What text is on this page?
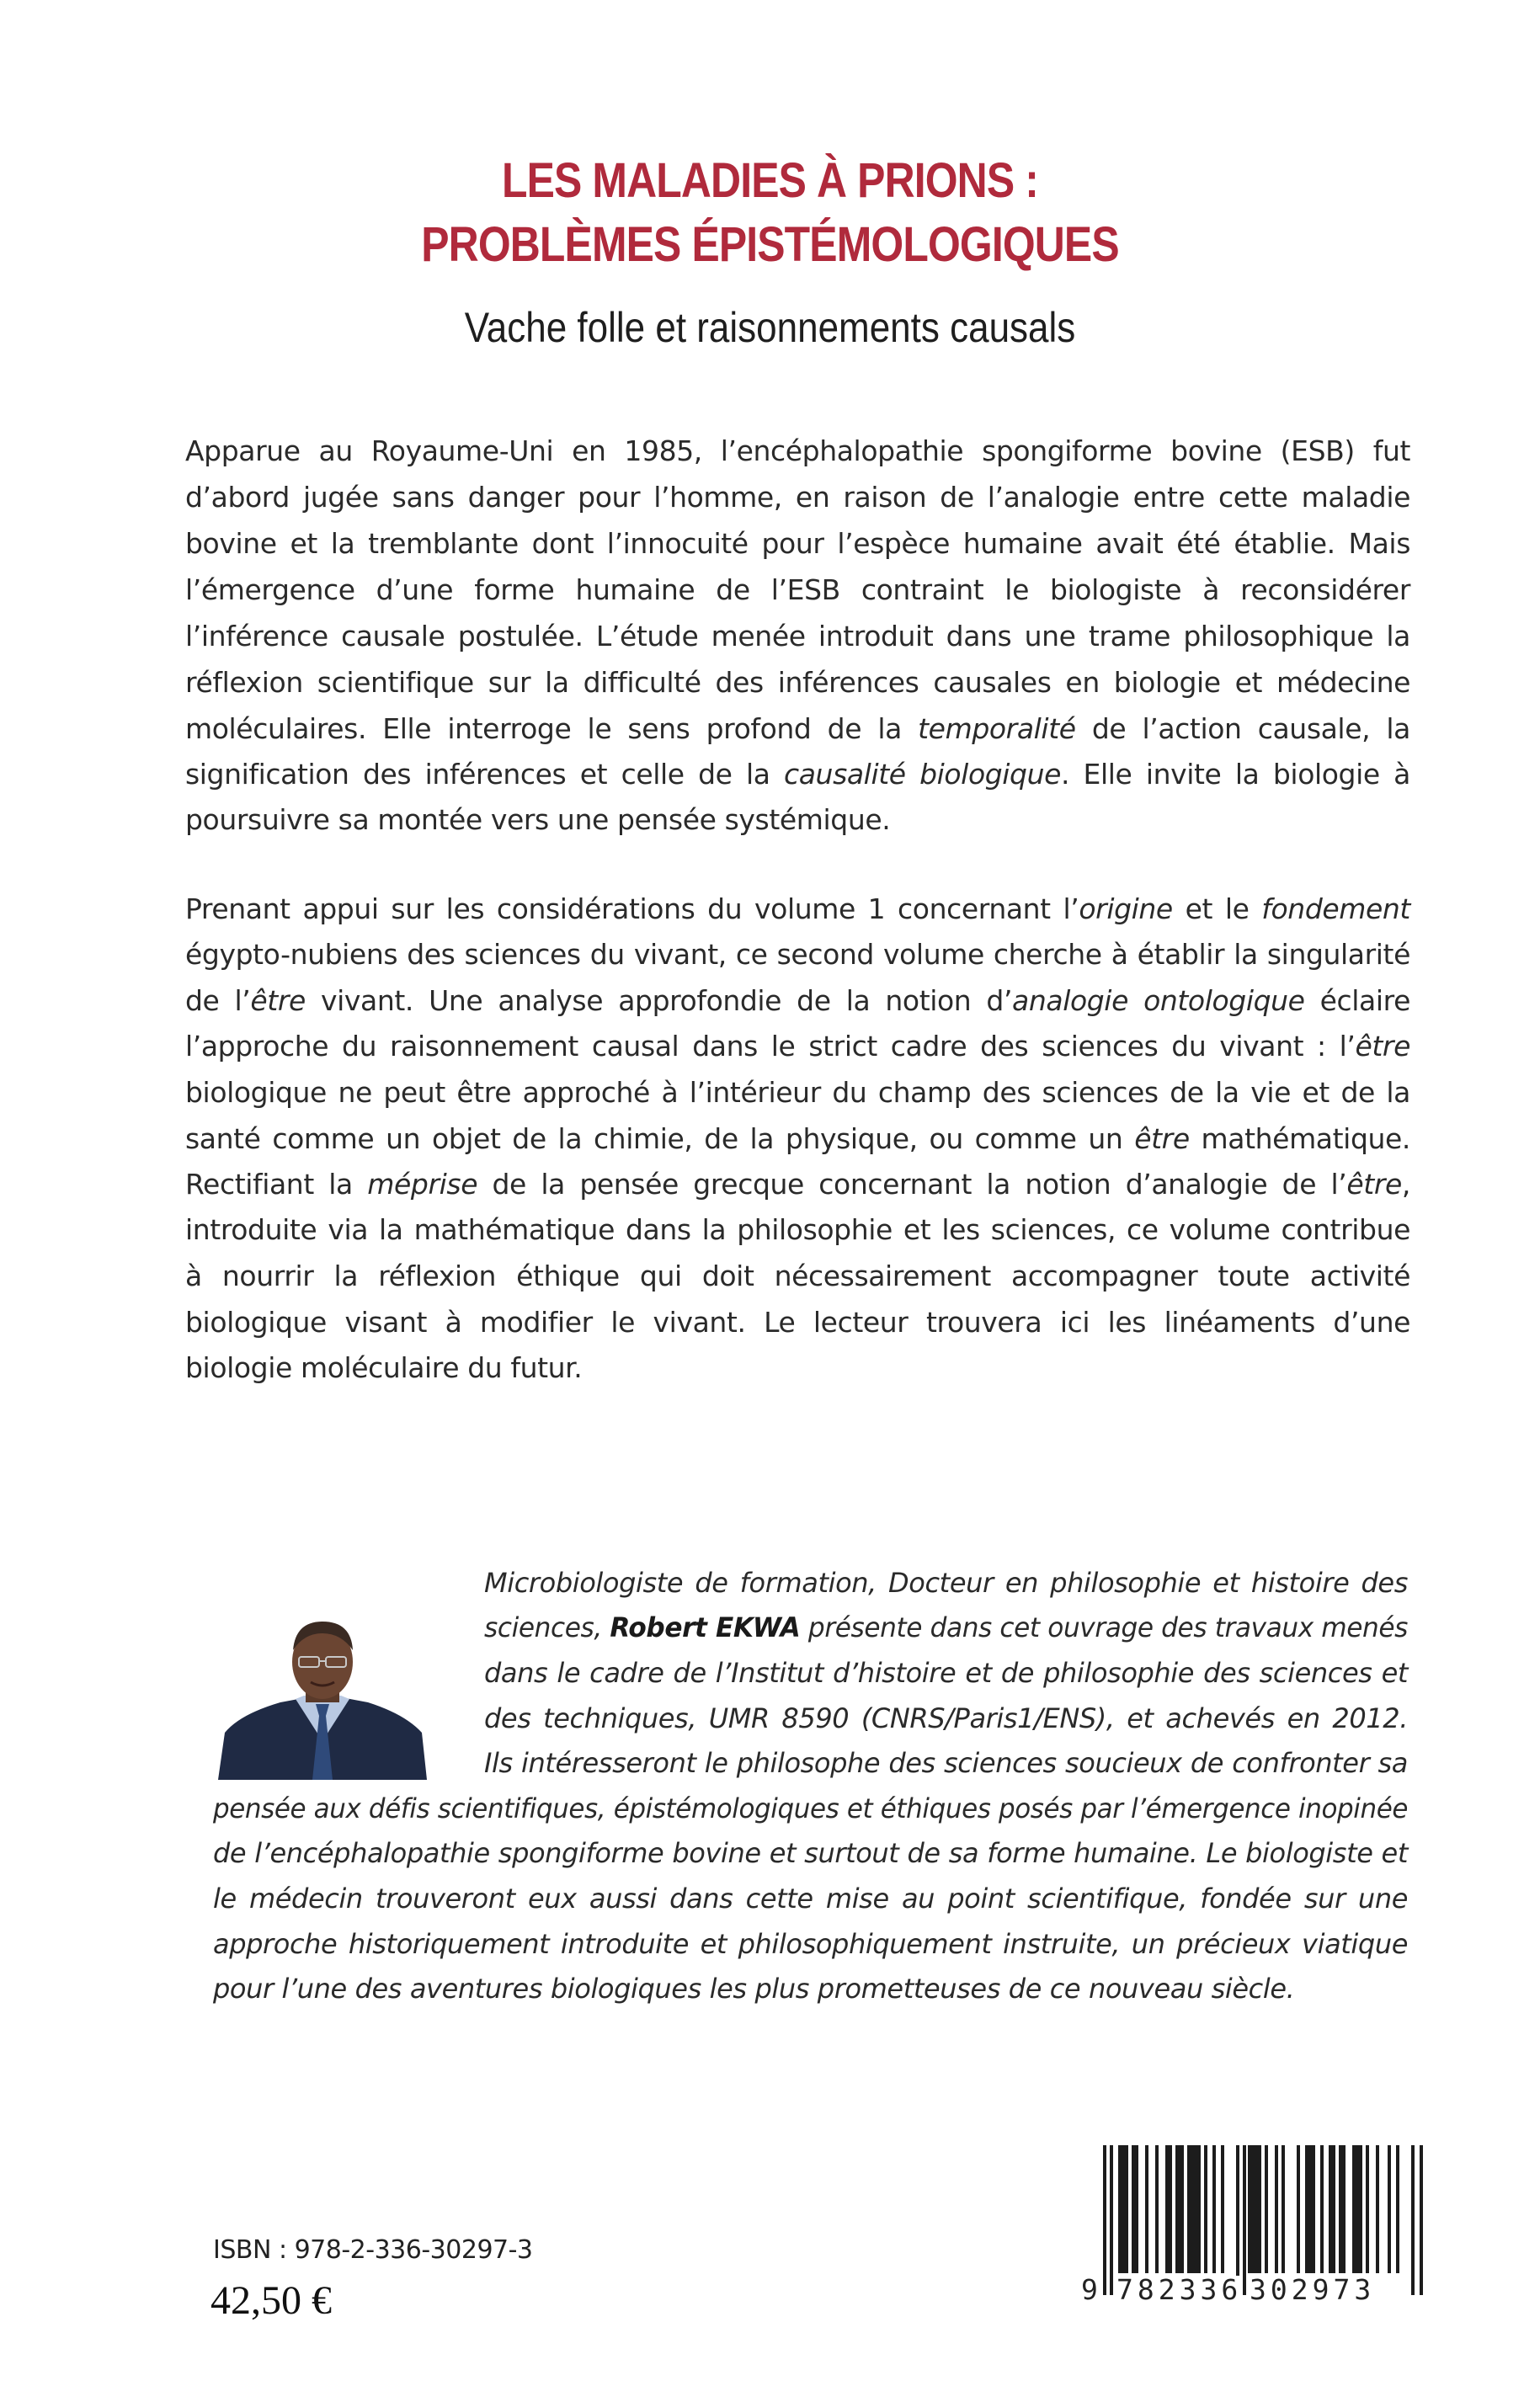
LES MALADIES À PRIONS :
PROBLÈMES ÉPISTÉMOLOGIQUES
Vache folle et raisonnements causals
Apparue au Royaume-Uni en 1985, l’encéphalopathie spongiforme bovine (ESB) fut
d’abord jugée sans danger pour l’homme, en raison de l’analogie entre cette maladie
bovine et la tremblante dont l’innocuité pour l’espèce humaine avait été établie. Mais
l’émergence d’une forme humaine de l’ESB contraint le biologiste à reconsidérer
l’inférence causale postulée. L’étude menée introduit dans une trame philosophique la
réflexion scientifique sur la difficulté des inférences causales en biologie et médecine
moléculaires. Elle interroge le sens profond de la temporalité de l’action causale, la
signification des inférences et celle de la causalité biologique. Elle invite la biologie à
poursuivre sa montée vers une pensée systémique.
Prenant appui sur les considérations du volume 1 concernant l’origine et le fondement
égypto-nubiens des sciences du vivant, ce second volume cherche à établir la singularité
de l’être vivant. Une analyse approfondie de la notion d’analogie ontologique éclaire
l’approche du raisonnement causal dans le strict cadre des sciences du vivant : l’être
biologique ne peut être approché à l’intérieur du champ des sciences de la vie et de la
santé comme un objet de la chimie, de la physique, ou comme un être mathématique.
Rectifiant la méprise de la pensée grecque concernant la notion d’analogie de l’être,
introduite via la mathématique dans la philosophie et les sciences, ce volume contribue
à nourrir la réflexion éthique qui doit nécessairement accompagner toute activité
biologique visant à modifier le vivant. Le lecteur trouvera ici les linéaments d’une
biologie moléculaire du futur.
Microbiologiste de formation, Docteur en philosophie et histoire des
sciences, Robert EKWA présente dans cet ouvrage des travaux menés
dans le cadre de l’Institut d’histoire et de philosophie des sciences et
des techniques, UMR 8590 (CNRS/Paris1/ENS), et achevés en 2012.
Ils intéresseront le philosophe des sciences soucieux de confronter sa
pensée aux défis scientifiques, épistémologiques et éthiques posés par l’émergence inopinée
de l’encéphalopathie spongiforme bovine et surtout de sa forme humaine. Le biologiste et
le médecin trouveront eux aussi dans cette mise au point scientifique, fondée sur une
approche historiquement introduite et philosophiquement instruite, un précieux viatique
pour l’une des aventures biologiques les plus prometteuses de ce nouveau siècle.
ISBN : 978-2-336-30297-3
42,50 €	9 782336 302973
